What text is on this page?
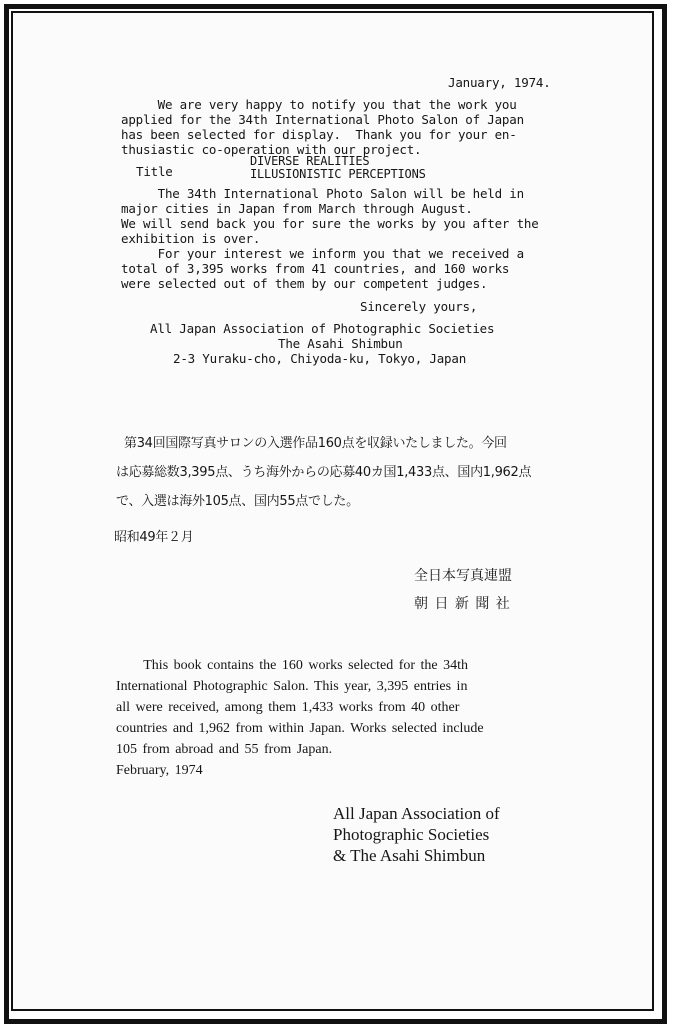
January, 1974.
We are very happy to notify you that the work you
applied for the 34th International Photo Salon of Japan
has been selected for display.  Thank you for your en-
thusiastic co-operation with our project.
Title
DIVERSE REALITIES
ILLUSIONISTIC PERCEPTIONS
The 34th International Photo Salon will be held in
major cities in Japan from March through August.
We will send back you for sure the works by you after the
exhibition is over.
For your interest we inform you that we received a
total of 3,395 works from 41 countries, and 160 works
were selected out of them by our competent judges.
Sincerely yours,
All Japan Association of Photographic Societies
The Asahi Shimbun
2-3 Yuraku-cho, Chiyoda-ku, Tokyo, Japan
第34回国際写真サロンの入選作品160点を収録いたしました。今回
は応募総数3,395点、うち海外からの応募40カ国1,433点、国内1,962点
で、入選は海外105点、国内55点でした。
昭和49年２月
全日本写真連盟
朝 日 新 聞 社
This book contains the 160 works selected for the 34th
International Photographic Salon. This year, 3,395 entries in
all were received, among them 1,433 works from 40 other
countries and 1,962 from within Japan. Works selected include
105 from abroad and 55 from Japan.
February, 1974
All Japan Association of
Photographic Societies
& The Asahi Shimbun
